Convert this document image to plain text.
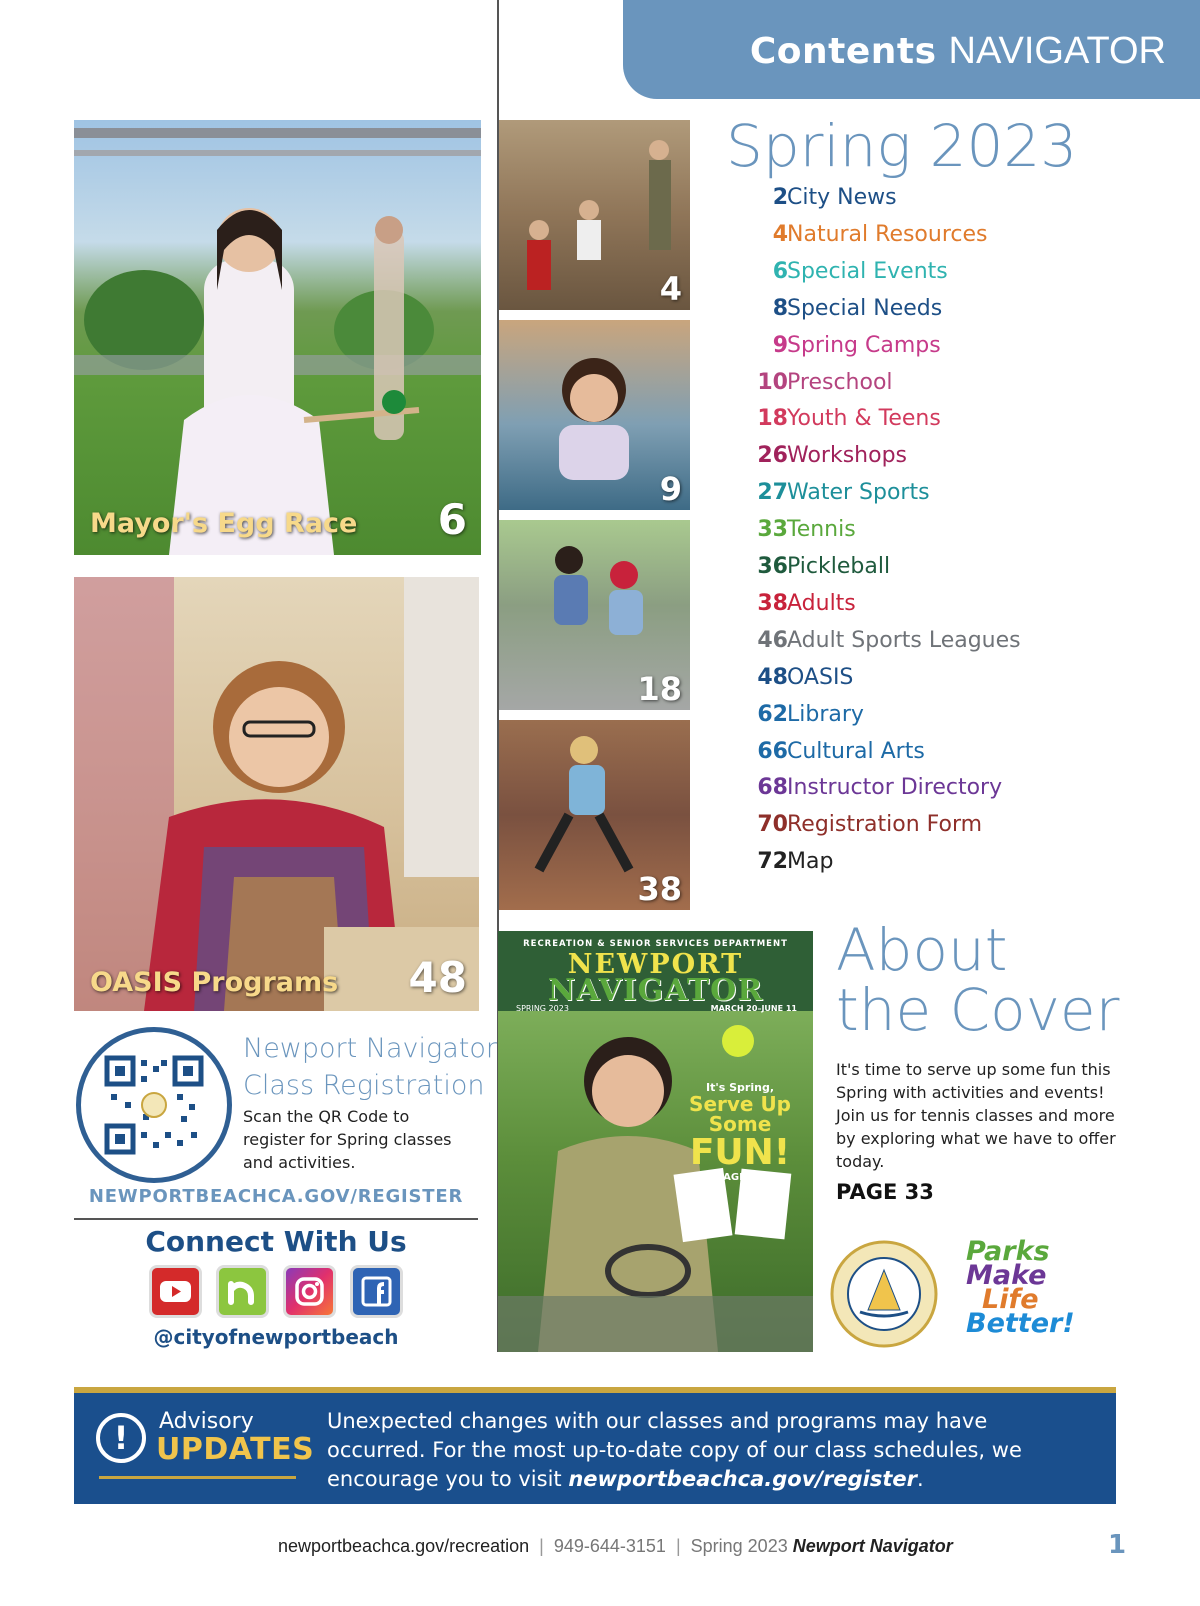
Contents NAVIGATOR
Mayor's Egg Race 6
OASIS Programs 48
4
9
18
38
Spring 2023
2 City News
4 Natural Resources
6 Special Events
8 Special Needs
9 Spring Camps
10 Preschool
18 Youth & Teens
26 Workshops
27 Water Sports
33 Tennis
36 Pickleball
38 Adults
46 Adult Sports Leagues
48 OASIS
62 Library
66 Cultural Arts
68 Instructor Directory
70 Registration Form
72 Map
About
the Cover
It's time to serve up some fun this Spring with activities and events! Join us for tennis classes and more by exploring what we have to offer today.
PAGE 33
Parks
Make
Life
Better!
RECREATION & SENIOR SERVICES DEPARTMENT
NEWPORT
NAVIGATOR
SPRING 2023	MARCH 20–JUNE 11
It's Spring,
Serve Up
Some
FUN!
PAGE 33
Newport Navigator
Class Registration
Scan the QR Code to register for Spring classes and activities.
NEWPORTBEACHCA.GOV/REGISTER
Connect With Us
@cityofnewportbeach
!	Advisory
UPDATES
Unexpected changes with our classes and programs may have occurred. For the most up-to-date copy of our class schedules, we encourage you to visit newportbeachca.gov/register.
newportbeachca.gov/recreation | 949-644-3151 | Spring 2023 Newport Navigator	1
